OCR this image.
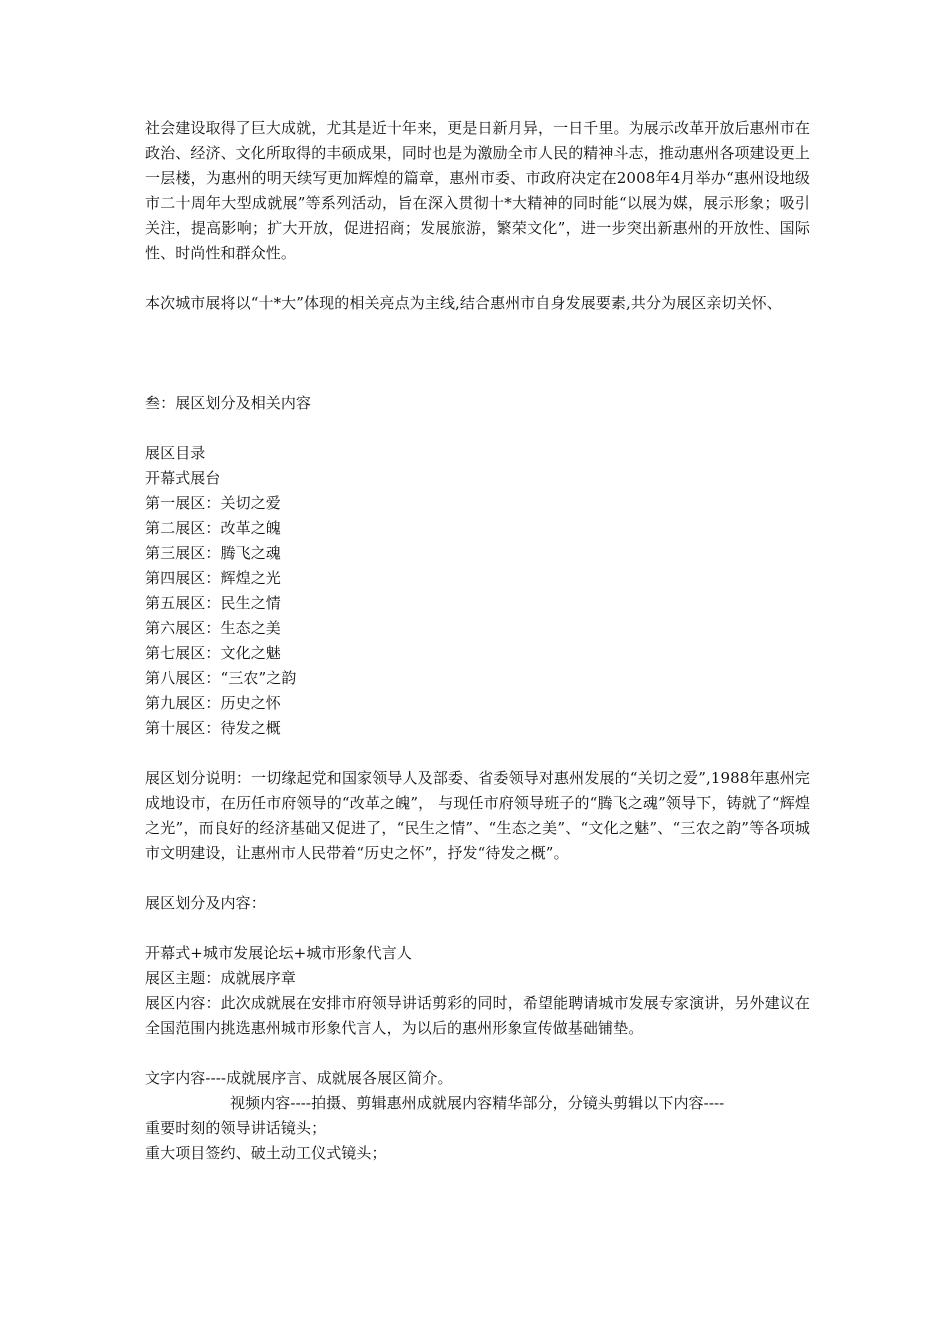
社会建设取得了巨大成就，尤其是近十年来，更是日新月异，一日千里。为展示改革开放后惠州市在政治、经济、文化所取得的丰硕成果，同时也是为激励全市人民的精神斗志，推动惠州各项建设更上一层楼，为惠州的明天续写更加辉煌的篇章，惠州市委、市政府决定在2008年4月举办“惠州设地级市二十周年大型成就展”等系列活动，旨在深入贯彻十*大精神的同时能“以展为媒，展示形象；吸引关注，提高影响；扩大开放，促进招商；发展旅游，繁荣文化”，进一步突出新惠州的开放性、国际性、时尚性和群众性。

本次城市展将以“十*大”体现的相关亮点为主线,结合惠州市自身发展要素,共分为展区亲切关怀、

叁：展区划分及相关内容

展区目录

开幕式展台

第一展区：关切之爱

第二展区：改革之魄

第三展区：腾飞之魂

第四展区：辉煌之光

第五展区：民生之情

第六展区：生态之美

第七展区：文化之魅

第八展区：“三农”之韵

第九展区：历史之怀

第十展区：待发之概

展区划分说明：一切缘起党和国家领导人及部委、省委领导对惠州发展的“关切之爱”,1988年惠州完成地设市，在历任市府领导的“改革之魄”， 与现任市府领导班子的“腾飞之魂”领导下，铸就了“辉煌之光”，而良好的经济基础又促进了，“民生之情”、“生态之美”、“文化之魅”、“三农之韵”等各项城市文明建设，让惠州市人民带着“历史之怀”，抒发“待发之概”。

展区划分及内容：

开幕式+城市发展论坛+城市形象代言人

展区主题：成就展序章

展区内容：此次成就展在安排市府领导讲话剪彩的同时，希望能聘请城市发展专家演讲，另外建议在全国范围内挑选惠州城市形象代言人，为以后的惠州形象宣传做基础铺垫。

文字内容----成就展序言、成就展各展区简介。

视频内容----拍摄、剪辑惠州成就展内容精华部分，分镜头剪辑以下内容----

重要时刻的领导讲话镜头；

重大项目签约、破土动工仪式镜头；
